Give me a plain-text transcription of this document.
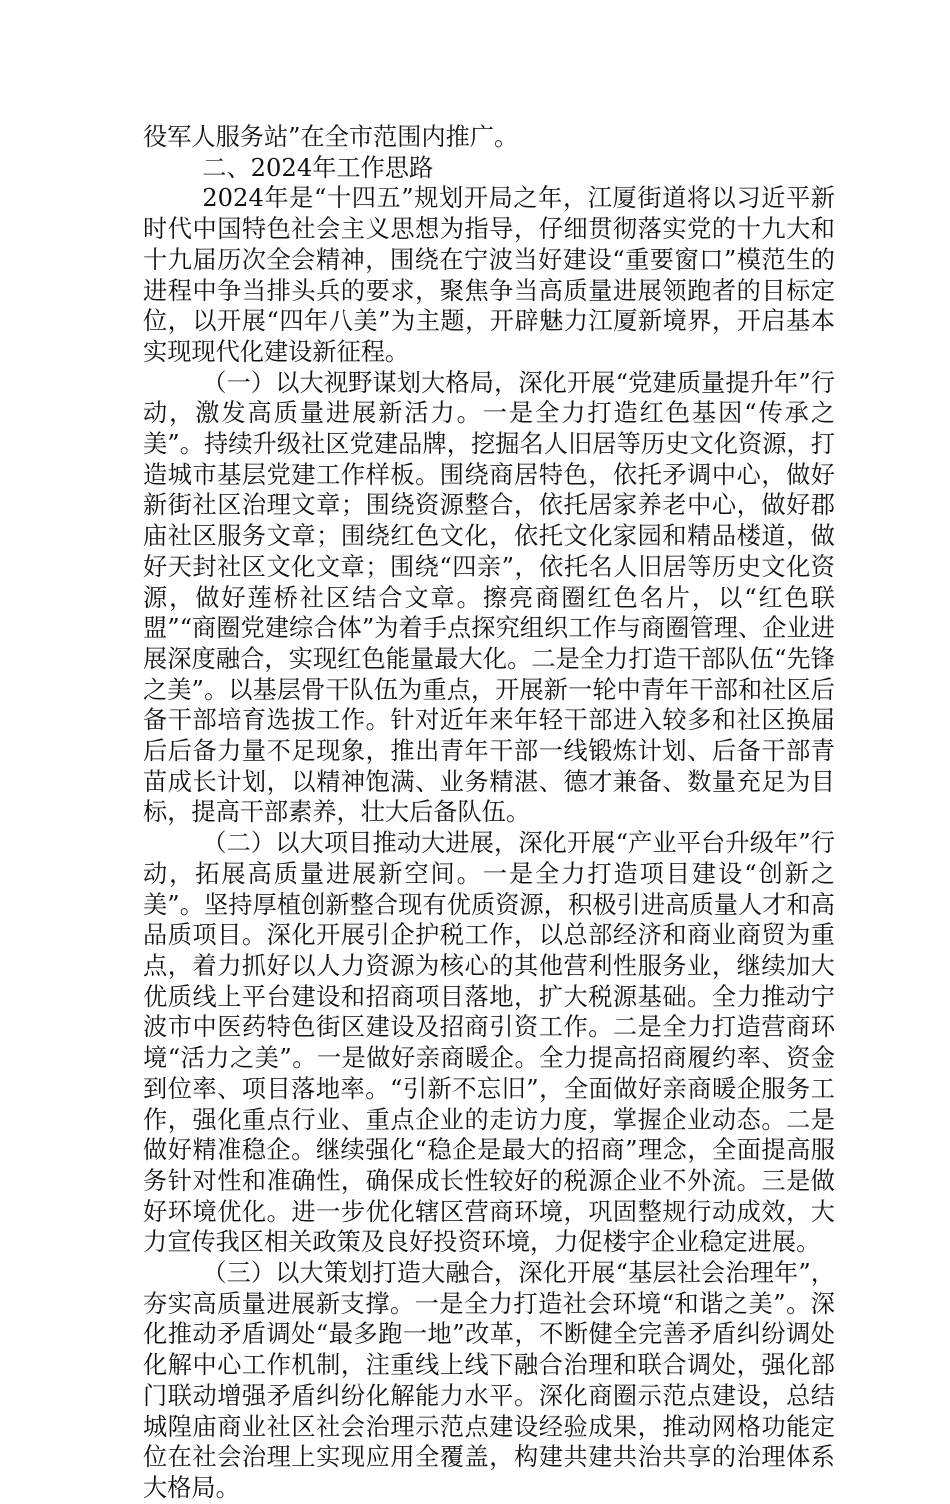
役军人服务站”在全市范围内推广。

二、2024年工作思路

2024年是“十四五”规划开局之年，江厦街道将以习近平新时代中国特色社会主义思想为指导，仔细贯彻落实党的十九大和十九届历次全会精神，围绕在宁波当好建设“重要窗口”模范生的进程中争当排头兵的要求，聚焦争当高质量进展领跑者的目标定位，以开展“四年八美”为主题，开辟魅力江厦新境界，开启基本实现现代化建设新征程。

（一）以大视野谋划大格局，深化开展“党建质量提升年”行动，激发高质量进展新活力。一是全力打造红色基因“传承之美”。持续升级社区党建品牌，挖掘名人旧居等历史文化资源，打造城市基层党建工作样板。围绕商居特色，依托矛调中心，做好新街社区治理文章；围绕资源整合，依托居家养老中心，做好郡庙社区服务文章；围绕红色文化，依托文化家园和精品楼道，做好天封社区文化文章；围绕“四亲”，依托名人旧居等历史文化资源，做好莲桥社区结合文章。擦亮商圈红色名片，以“红色联盟”“商圈党建综合体”为着手点探究组织工作与商圈管理、企业进展深度融合，实现红色能量最大化。二是全力打造干部队伍“先锋之美”。以基层骨干队伍为重点，开展新一轮中青年干部和社区后备干部培育选拔工作。针对近年来年轻干部进入较多和社区换届后后备力量不足现象，推出青年干部一线锻炼计划、后备干部青苗成长计划，以精神饱满、业务精湛、德才兼备、数量充足为目标，提高干部素养，壮大后备队伍。

（二）以大项目推动大进展，深化开展“产业平台升级年”行动，拓展高质量进展新空间。一是全力打造项目建设“创新之美”。坚持厚植创新整合现有优质资源，积极引进高质量人才和高品质项目。深化开展引企护税工作，以总部经济和商业商贸为重点，着力抓好以人力资源为核心的其他营利性服务业，继续加大优质线上平台建设和招商项目落地，扩大税源基础。全力推动宁波市中医药特色街区建设及招商引资工作。二是全力打造营商环境“活力之美”。一是做好亲商暖企。全力提高招商履约率、资金到位率、项目落地率。“引新不忘旧”，全面做好亲商暖企服务工作，强化重点行业、重点企业的走访力度，掌握企业动态。二是做好精准稳企。继续强化“稳企是最大的招商”理念，全面提高服务针对性和准确性，确保成长性较好的税源企业不外流。三是做好环境优化。进一步优化辖区营商环境，巩固整规行动成效，大力宣传我区相关政策及良好投资环境，力促楼宇企业稳定进展。

（三）以大策划打造大融合，深化开展“基层社会治理年”，夯实高质量进展新支撑。一是全力打造社会环境“和谐之美”。深化推动矛盾调处“最多跑一地”改革，不断健全完善矛盾纠纷调处化解中心工作机制，注重线上线下融合治理和联合调处，强化部门联动增强矛盾纠纷化解能力水平。深化商圈示范点建设，总结城隍庙商业社区社会治理示范点建设经验成果，推动网格功能定位在社会治理上实现应用全覆盖，构建共建共治共享的治理体系大格局。
